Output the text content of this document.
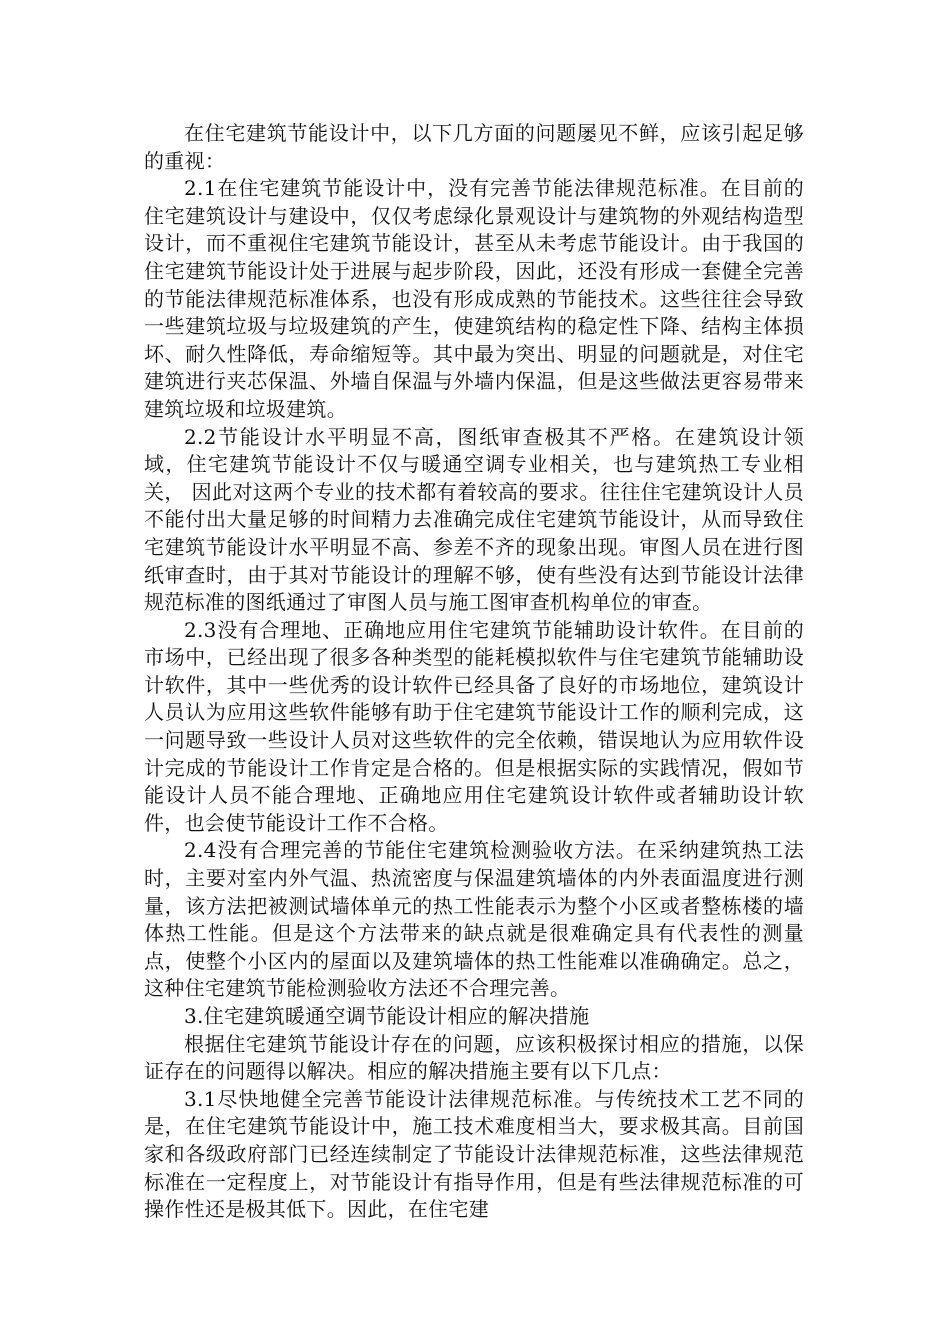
在住宅建筑节能设计中，以下几方面的问题屡见不鲜，应该引起足够的重视：

2.1在住宅建筑节能设计中，没有完善节能法律规范标准。在目前的住宅建筑设计与建设中，仅仅考虑绿化景观设计与建筑物的外观结构造型设计，而不重视住宅建筑节能设计，甚至从未考虑节能设计。由于我国的住宅建筑节能设计处于进展与起步阶段，因此，还没有形成一套健全完善的节能法律规范标准体系，也没有形成成熟的节能技术。这些往往会导致一些建筑垃圾与垃圾建筑的产生，使建筑结构的稳定性下降、结构主体损坏、耐久性降低，寿命缩短等。其中最为突出、明显的问题就是，对住宅建筑进行夹芯保温、外墙自保温与外墙内保温，但是这些做法更容易带来建筑垃圾和垃圾建筑。

2.2节能设计水平明显不高，图纸审查极其不严格。在建筑设计领域，住宅建筑节能设计不仅与暖通空调专业相关，也与建筑热工专业相关， 因此对这两个专业的技术都有着较高的要求。往往住宅建筑设计人员不能付出大量足够的时间精力去准确完成住宅建筑节能设计，从而导致住宅建筑节能设计水平明显不高、参差不齐的现象出现。审图人员在进行图纸审查时，由于其对节能设计的理解不够，使有些没有达到节能设计法律规范标准的图纸通过了审图人员与施工图审查机构单位的审查。

2.3没有合理地、正确地应用住宅建筑节能辅助设计软件。在目前的市场中，已经出现了很多各种类型的能耗模拟软件与住宅建筑节能辅助设计软件，其中一些优秀的设计软件已经具备了良好的市场地位，建筑设计人员认为应用这些软件能够有助于住宅建筑节能设计工作的顺利完成，这一问题导致一些设计人员对这些软件的完全依赖，错误地认为应用软件设计完成的节能设计工作肯定是合格的。但是根据实际的实践情况，假如节能设计人员不能合理地、正确地应用住宅建筑设计软件或者辅助设计软件，也会使节能设计工作不合格。

2.4没有合理完善的节能住宅建筑检测验收方法。在采纳建筑热工法时，主要对室内外气温、热流密度与保温建筑墙体的内外表面温度进行测量，该方法把被测试墙体单元的热工性能表示为整个小区或者整栋楼的墙体热工性能。但是这个方法带来的缺点就是很难确定具有代表性的测量点，使整个小区内的屋面以及建筑墙体的热工性能难以准确确定。总之，这种住宅建筑节能检测验收方法还不合理完善。

3.住宅建筑暖通空调节能设计相应的解决措施

根据住宅建筑节能设计存在的问题，应该积极探讨相应的措施，以保证存在的问题得以解决。相应的解决措施主要有以下几点：

3.1尽快地健全完善节能设计法律规范标准。与传统技术工艺不同的是，在住宅建筑节能设计中，施工技术难度相当大，要求极其高。目前国家和各级政府部门已经连续制定了节能设计法律规范标准，这些法律规范标准在一定程度上，对节能设计有指导作用，但是有些法律规范标准的可操作性还是极其低下。因此，在住宅建
